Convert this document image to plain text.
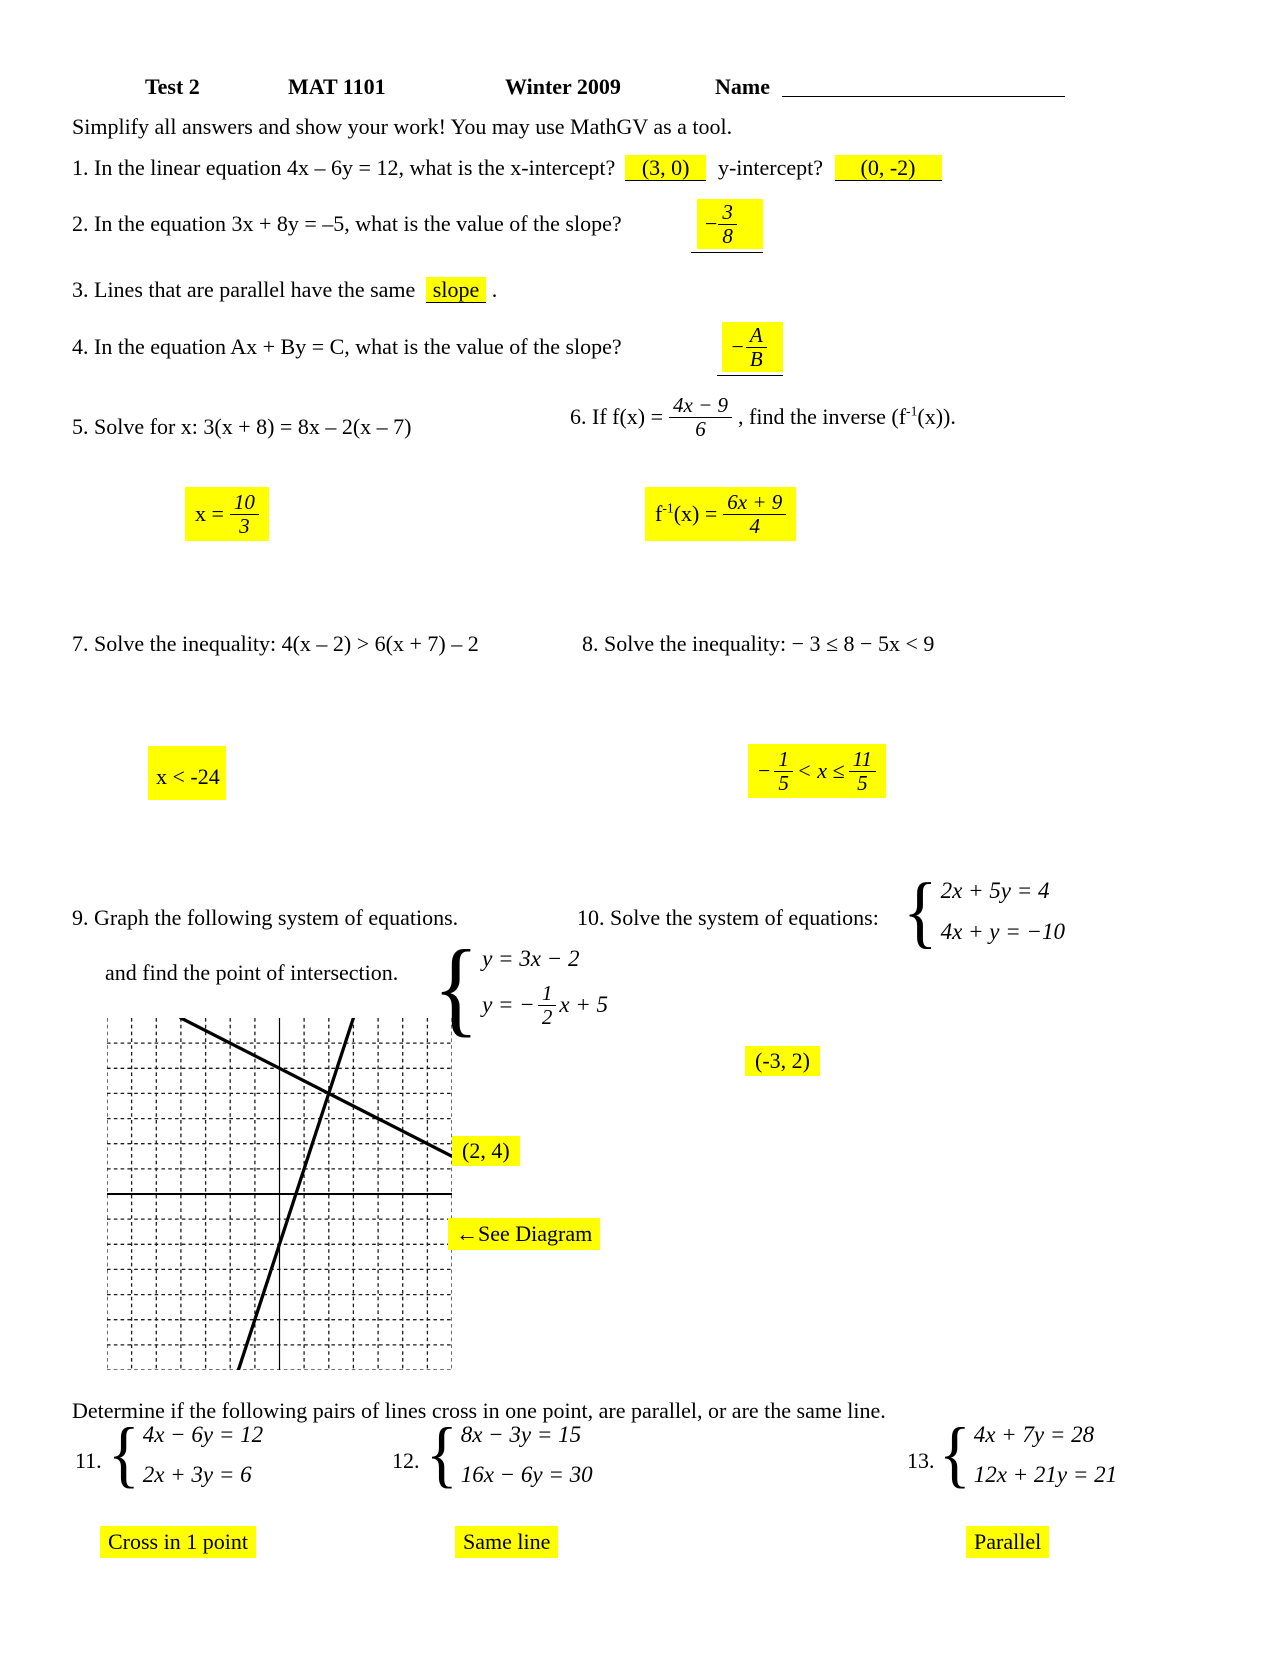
Test 2	MAT 1101	Winter 2009	Name
Simplify all answers and show your work! You may use MathGV as a tool.
1. In the linear equation 4x – 6y = 12, what is the x-intercept? (3, 0) y-intercept? (0, -2)
2. In the equation 3x + 8y = –5, what is the value of the slope?	− $\frac{3}{8}$
3. Lines that are parallel have the same slope .
4. In the equation Ax + By = C, what is the value of the slope?	− $\frac{A}{B}$
5. Solve for x: 3(x + 8) = 8x – 2(x – 7)	6. If $f(x) = \frac{4x - 9}{6}$ , find the inverse $(f^{-1}(x))$.
$x = \frac{10}{3}$	$f^{-1}(x) = \frac{6x + 9}{4}$
7. Solve the inequality: 4(x – 2) > 6(x + 7) – 2	8. Solve the inequality: − 3 ≤ 8 − 5x < 9
x < -24	− $\frac{1}{5} < x \le \frac{11}{5}$
9. Graph the following system of equations.	10. Solve the system of equations: { 2x + 5y = 4
4x + y = −10
and find the point of intersection. { y = 3x − 2
y = − $\frac{1}{2}$ x + 5
(-3, 2)
(2, 4)
←See Diagram
Determine if the following pairs of lines cross in one point, are parallel, or are the same line.
11. { 4x − 6y = 12
2x + 3y = 6
12. { 8x − 3y = 15
16x − 6y = 30
13. { 4x + 7y = 28
12x + 21y = 21
Cross in 1 point	Same line	Parallel
